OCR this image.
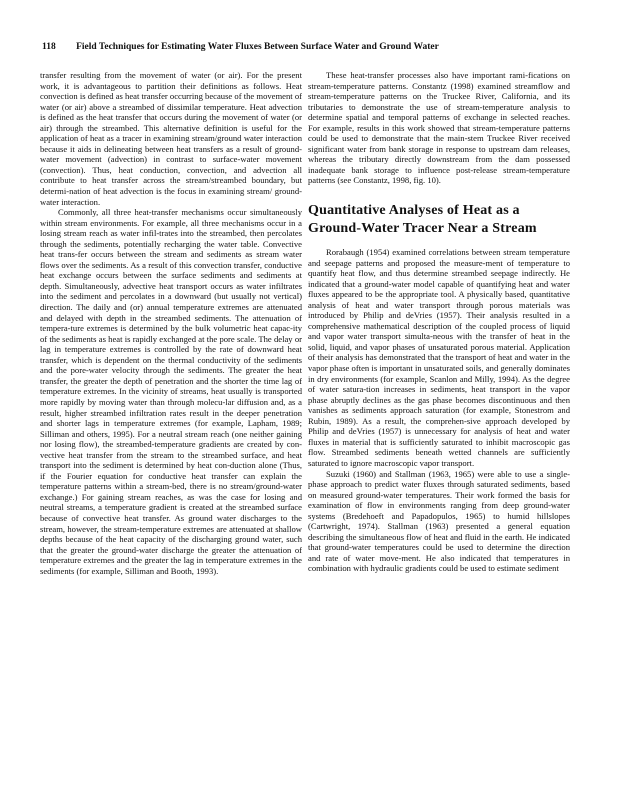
118 Field Techniques for Estimating Water Fluxes Between Surface Water and Ground Water

transfer resulting from the movement of water (or air). For the present work, it is advantageous to partition their definitions as follows. Heat convection is defined as heat transfer occurring because of the movement of water (or air) above a streambed of dissimilar temperature. Heat advection is defined as the heat transfer that occurs during the movement of water (or air) through the streambed. This alternative definition is useful for the application of heat as a tracer in examining stream/ground water interaction because it aids in delineating between heat transfers as a result of ground-water movement (advection) in contrast to surface-water movement (convection). Thus, heat conduction, convection, and advection all contribute to heat transfer across the stream/streambed boundary, but determi-nation of heat advection is the focus in examining stream/ ground-water interaction.

Commonly, all three heat-transfer mechanisms occur simultaneously within stream environments. For example, all three mechanisms occur in a losing stream reach as water infil-trates into the streambed, then percolates through the sediments, potentially recharging the water table. Convective heat trans-fer occurs between the stream and sediments as stream water flows over the sediments. As a result of this convection transfer, conductive heat exchange occurs between the surface sediments and sediments at depth. Simultaneously, advective heat transport occurs as water infiltrates into the sediment and percolates in a downward (but usually not vertical) direction. The daily and (or) annual temperature extremes are attenuated and delayed with depth in the streambed sediments. The attenuation of tempera-ture extremes is determined by the bulk volumetric heat capac-ity of the sediments as heat is rapidly exchanged at the pore scale. The delay or lag in temperature extremes is controlled by the rate of downward heat transfer, which is dependent on the thermal conductivity of the sediments and the pore-water velocity through the sediments. The greater the heat transfer, the greater the depth of penetration and the shorter the time lag of temperature extremes. In the vicinity of streams, heat usually is transported more rapidly by moving water than through molecu-lar diffusion and, as a result, higher streambed infiltration rates result in the deeper penetration and shorter lags in temperature extremes (for example, Lapham, 1989; Silliman and others, 1995). For a neutral stream reach (one neither gaining nor losing flow), the streambed-temperature gradients are created by con-vective heat transfer from the stream to the streambed surface, and heat transport into the sediment is determined by heat con-duction alone (Thus, if the Fourier equation for conductive heat transfer can explain the temperature patterns within a stream-bed, there is no stream/ground-water exchange.) For gaining stream reaches, as was the case for losing and neutral streams, a temperature gradient is created at the streambed surface because of convective heat transfer. As ground water discharges to the stream, however, the stream-temperature extremes are attenuated at shallow depths because of the heat capacity of the discharging ground water, such that the greater the ground-water discharge the greater the attenuation of temperature extremes and the greater the lag in temperature extremes in the sediments (for example, Silliman and Booth, 1993).

These heat-transfer processes also have important rami-fications on stream-temperature patterns. Constantz (1998) examined streamflow and stream-temperature patterns on the Truckee River, California, and its tributaries to demonstrate the use of stream-temperature analysis to determine spatial and temporal patterns of exchange in selected reaches. For example, results in this work showed that stream-temperature patterns could be used to demonstrate that the main-stem Truckee River received significant water from bank storage in response to upstream dam releases, whereas the tributary directly downstream from the dam possessed inadequate bank storage to influence post-release stream-temperature patterns (see Constantz, 1998, fig. 10).

Quantitative Analyses of Heat as a Ground-Water Tracer Near a Stream

Rorabaugh (1954) examined correlations between stream temperature and seepage patterns and proposed the measure-ment of temperature to quantify heat flow, and thus determine streambed seepage indirectly. He indicated that a ground-water model capable of quantifying heat and water fluxes appeared to be the appropriate tool. A physically based, quantitative analysis of heat and water transport through porous materials was introduced by Philip and deVries (1957). Their analysis resulted in a comprehensive mathematical description of the coupled process of liquid and vapor water transport simulta-neous with the transfer of heat in the solid, liquid, and vapor phases of unsaturated porous material. Application of their analysis has demonstrated that the transport of heat and water in the vapor phase often is important in unsaturated soils, and generally dominates in dry environments (for example, Scanlon and Milly, 1994). As the degree of water satura-tion increases in sediments, heat transport in the vapor phase abruptly declines as the gas phase becomes discontinuous and then vanishes as sediments approach saturation (for example, Stonestrom and Rubin, 1989). As a result, the comprehen-sive approach developed by Philip and deVries (1957) is unnecessary for analysis of heat and water fluxes in material that is sufficiently saturated to inhibit macroscopic gas flow. Streambed sediments beneath wetted channels are sufficiently saturated to ignore macroscopic vapor transport.

Suzuki (1960) and Stallman (1963, 1965) were able to use a single-phase approach to predict water fluxes through saturated sediments, based on measured ground-water temperatures. Their work formed the basis for examination of flow in environments ranging from deep ground-water systems (Bredehoeft and Papadopulos, 1965) to humid hillslopes (Cartwright, 1974). Stallman (1963) presented a general equation describing the simultaneous flow of heat and fluid in the earth. He indicated that ground-water temperatures could be used to determine the direction and rate of water move-ment. He also indicated that temperatures in combination with hydraulic gradients could be used to estimate sediment
